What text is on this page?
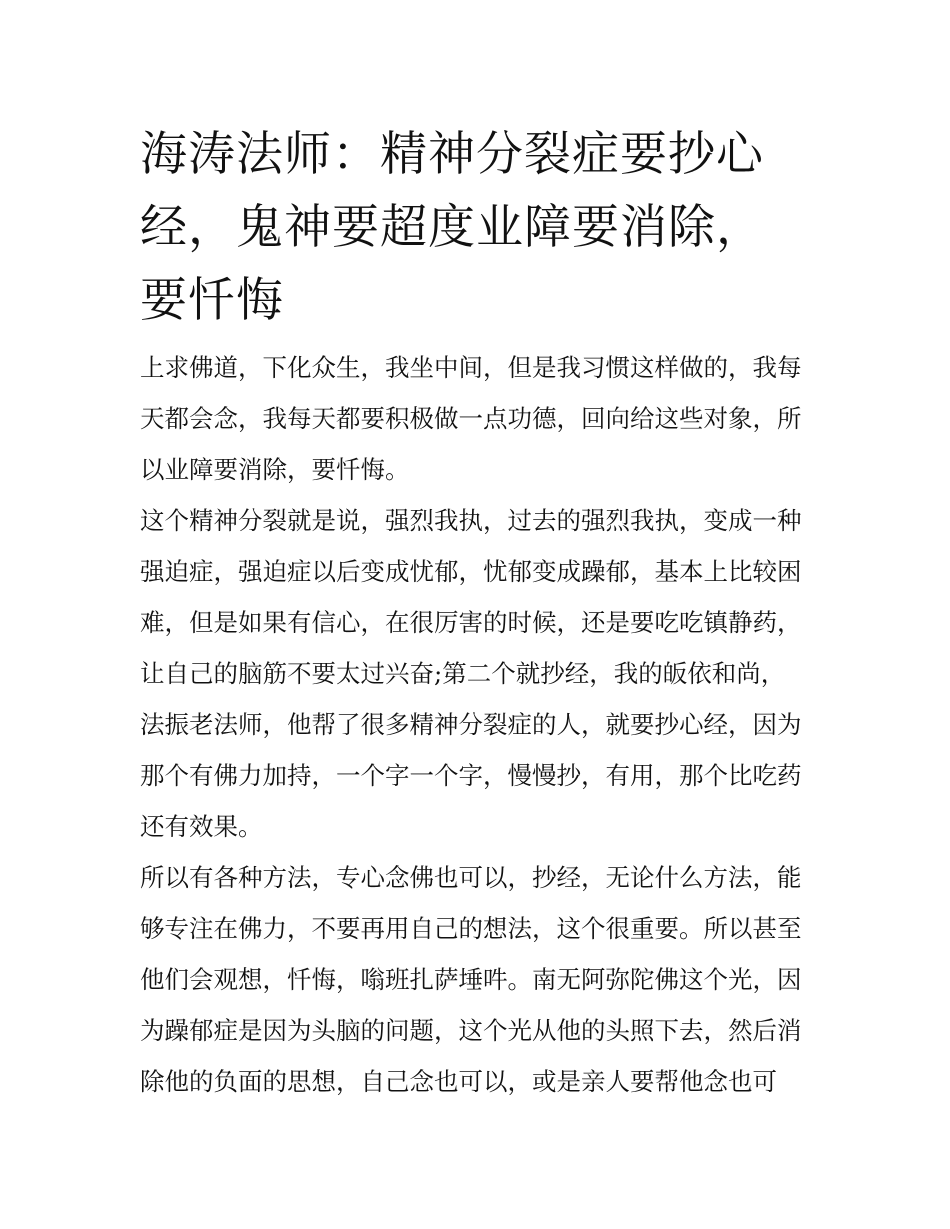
海涛法师：精神分裂症要抄心
经，鬼神要超度业障要消除，
要忏悔
上求佛道，下化众生，我坐中间，但是我习惯这样做的，我每
天都会念，我每天都要积极做一点功德，回向给这些对象，所
以业障要消除，要忏悔。
这个精神分裂就是说，强烈我执，过去的强烈我执，变成一种
强迫症，强迫症以后变成忧郁，忧郁变成躁郁，基本上比较困
难，但是如果有信心，在很厉害的时候，还是要吃吃镇静药，
让自己的脑筋不要太过兴奋;第二个就抄经，我的皈依和尚，
法振老法师，他帮了很多精神分裂症的人，就要抄心经，因为
那个有佛力加持，一个字一个字，慢慢抄，有用，那个比吃药
还有效果。
所以有各种方法，专心念佛也可以，抄经，无论什么方法，能
够专注在佛力，不要再用自己的想法，这个很重要。所以甚至
他们会观想，忏悔，嗡班扎萨埵吽。南无阿弥陀佛这个光，因
为躁郁症是因为头脑的问题，这个光从他的头照下去，然后消
除他的负面的思想，自己念也可以，或是亲人要帮他念也可
